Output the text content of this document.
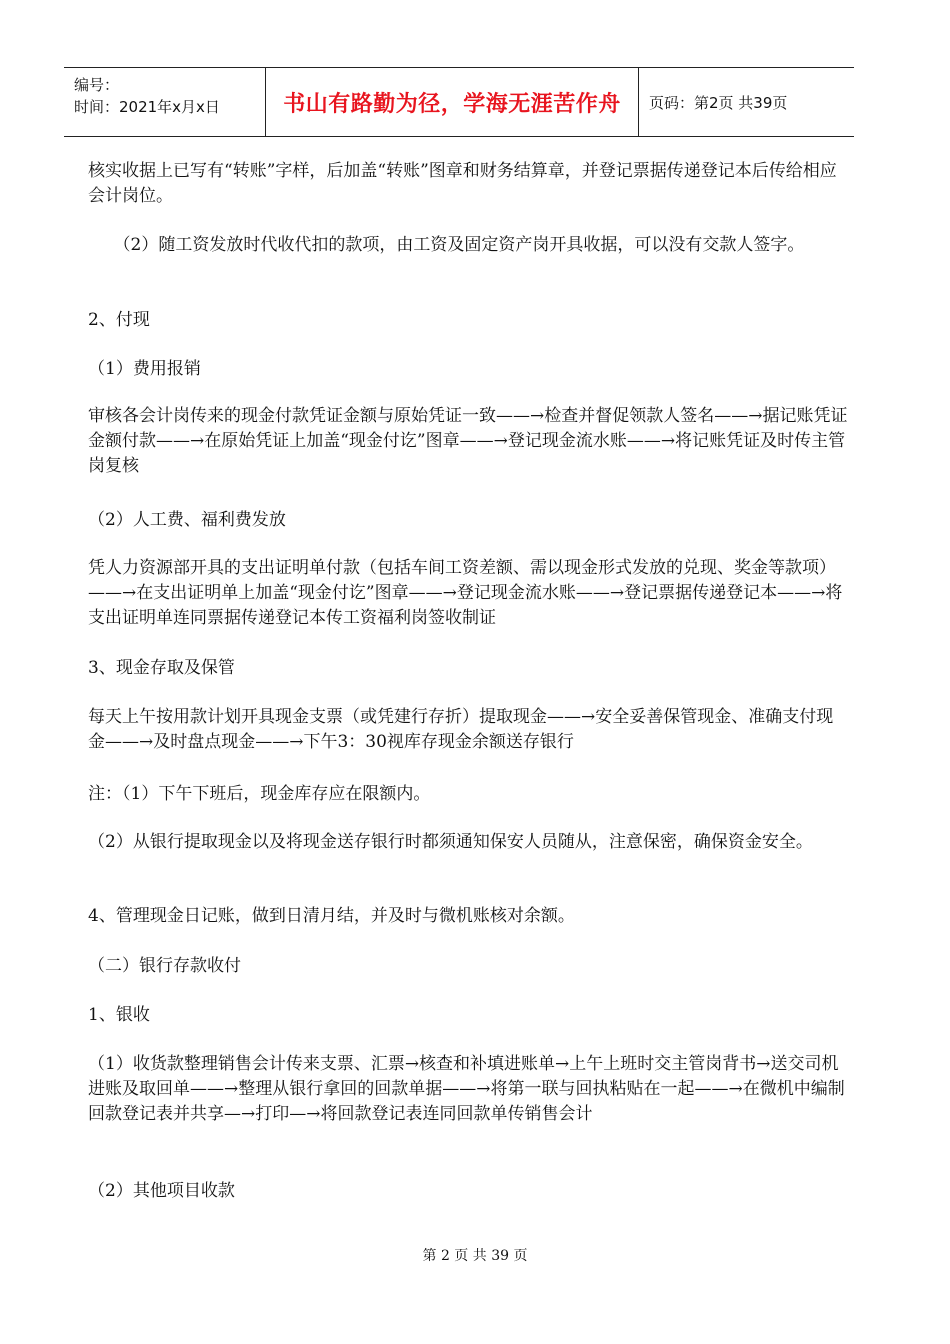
编号：
时间：2021年x月x日	书山有路勤为径，学海无涯苦作舟	页码：第2页 共39页

核实收据上已写有“转账”字样，后加盖“转账”图章和财务结算章，并登记票据传递登记本后传给相应会计岗位。

　　（2）随工资发放时代收代扣的款项，由工资及固定资产岗开具收据，可以没有交款人签字。

2、付现

（1）费用报销

审核各会计岗传来的现金付款凭证金额与原始凭证一致——→检查并督促领款人签名——→据记账凭证金额付款——→在原始凭证上加盖“现金付讫”图章——→登记现金流水账——→将记账凭证及时传主管岗复核

（2）人工费、福利费发放

凭人力资源部开具的支出证明单付款（包括车间工资差额、需以现金形式发放的兑现、奖金等款项）——→在支出证明单上加盖“现金付讫”图章——→登记现金流水账——→登记票据传递登记本——→将支出证明单连同票据传递登记本传工资福利岗签收制证

3、现金存取及保管

每天上午按用款计划开具现金支票（或凭建行存折）提取现金——→安全妥善保管现金、准确支付现金——→及时盘点现金——→下午3：30视库存现金余额送存银行

注：（1）下午下班后，现金库存应在限额内。

（2）从银行提取现金以及将现金送存银行时都须通知保安人员随从，注意保密，确保资金安全。

4、管理现金日记账，做到日清月结，并及时与微机账核对余额。

（二）银行存款收付

1、银收

（1）收货款整理销售会计传来支票、汇票→核查和补填进账单→上午上班时交主管岗背书→送交司机进账及取回单——→整理从银行拿回的回款单据——→将第一联与回执粘贴在一起——→在微机中编制回款登记表并共享—→打印—→将回款登记表连同回款单传销售会计

（2）其他项目收款

第 2 页 共 39 页
